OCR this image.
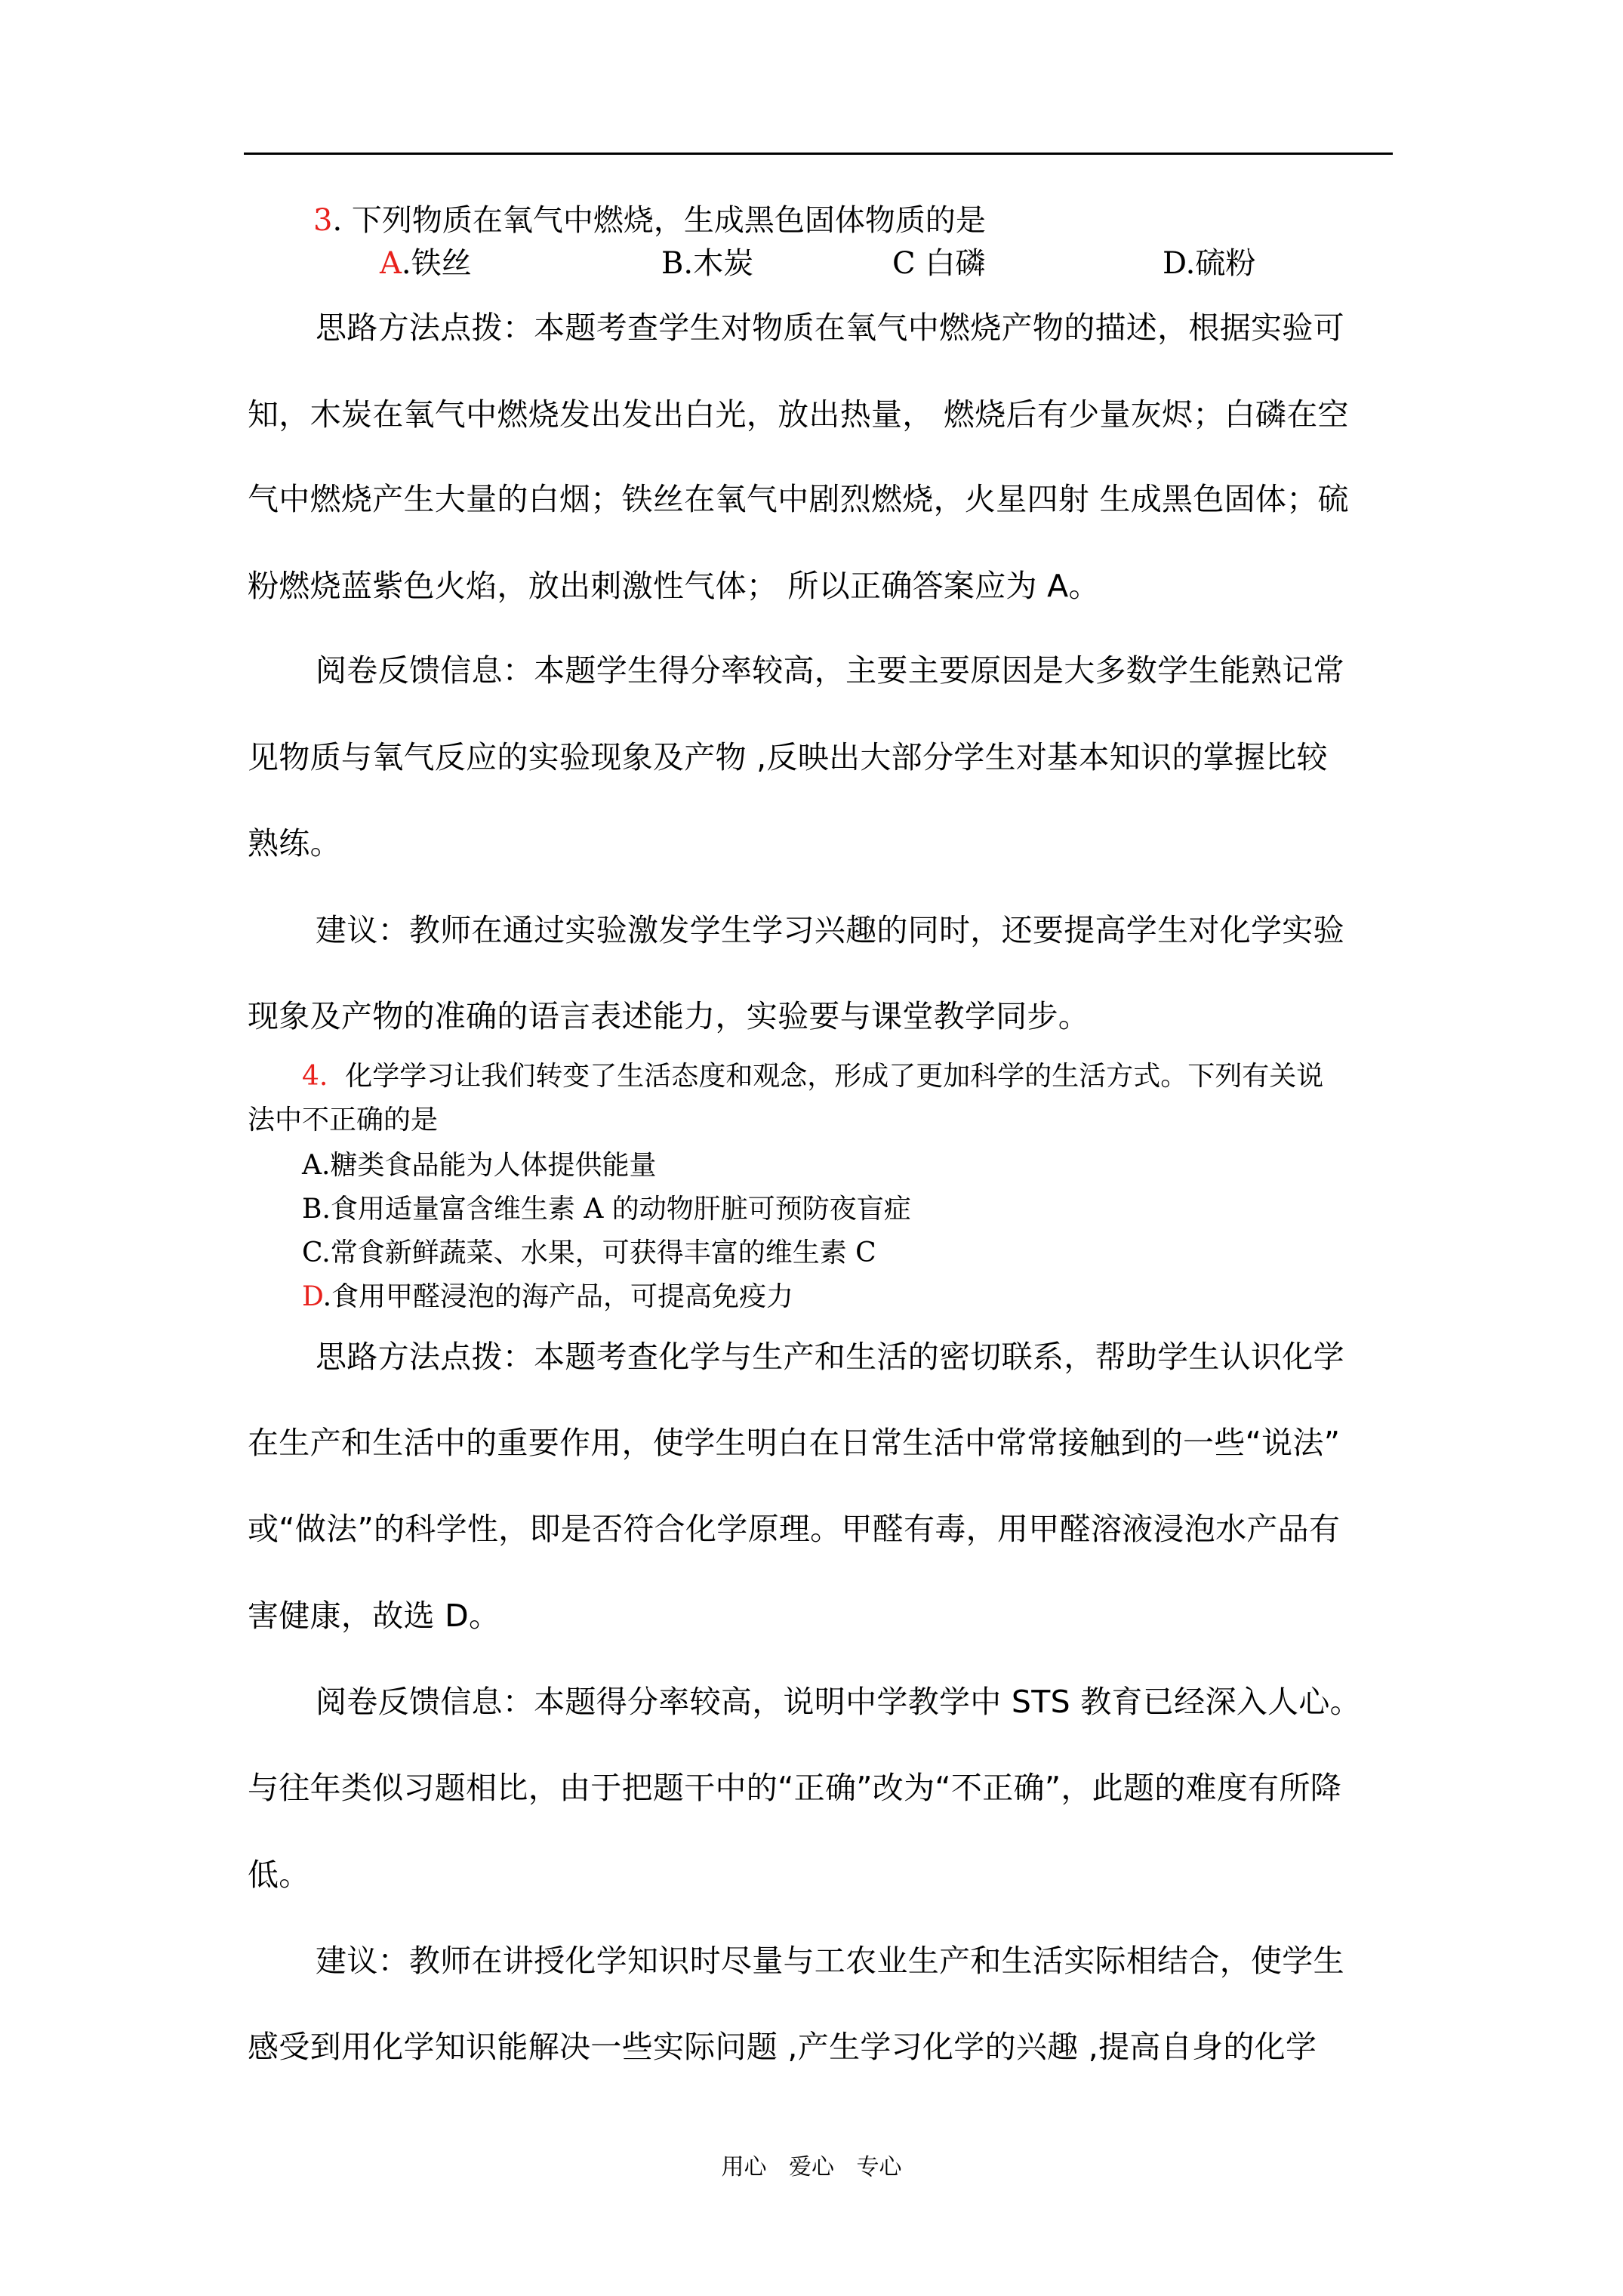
3. 下列物质在氧气中燃烧，生成黑色固体物质的是
A.铁丝	B.木炭	C 白磷	D.硫粉
思路方法点拨：本题考查学生对物质在氧气中燃烧产物的描述，根据实验可
知，木炭在氧气中燃烧发出发出白光，放出热量， 燃烧后有少量灰烬；白磷在空
气中燃烧产生大量的白烟；铁丝在氧气中剧烈燃烧，火星四射 生成黑色固体；硫
粉燃烧蓝紫色火焰，放出刺激性气体； 所以正确答案应为 A。
阅卷反馈信息：本题学生得分率较高，主要主要原因是大多数学生能熟记常
见物质与氧气反应的实验现象及产物 ,反映出大部分学生对基本知识的掌握比较
熟练。
建议：教师在通过实验激发学生学习兴趣的同时，还要提高学生对化学实验
现象及产物的准确的语言表述能力，实验要与课堂教学同步。
4. 化学学习让我们转变了生活态度和观念，形成了更加科学的生活方式。下列有关说
法中不正确的是
A.糖类食品能为人体提供能量
B.食用适量富含维生素 A 的动物肝脏可预防夜盲症
C.常食新鲜蔬菜、水果，可获得丰富的维生素 C
D.食用甲醛浸泡的海产品，可提高免疫力
思路方法点拨：本题考查化学与生产和生活的密切联系，帮助学生认识化学
在生产和生活中的重要作用，使学生明白在日常生活中常常接触到的一些“说法”
或“做法”的科学性，即是否符合化学原理。甲醛有毒，用甲醛溶液浸泡水产品有
害健康，故选 D。
阅卷反馈信息：本题得分率较高，说明中学教学中 STS 教育已经深入人心。
与往年类似习题相比，由于把题干中的“正确”改为“不正确”，此题的难度有所降
低。
建议：教师在讲授化学知识时尽量与工农业生产和生活实际相结合，使学生
感受到用化学知识能解决一些实际问题 ,产生学习化学的兴趣 ,提高自身的化学
用心 爱心 专心
